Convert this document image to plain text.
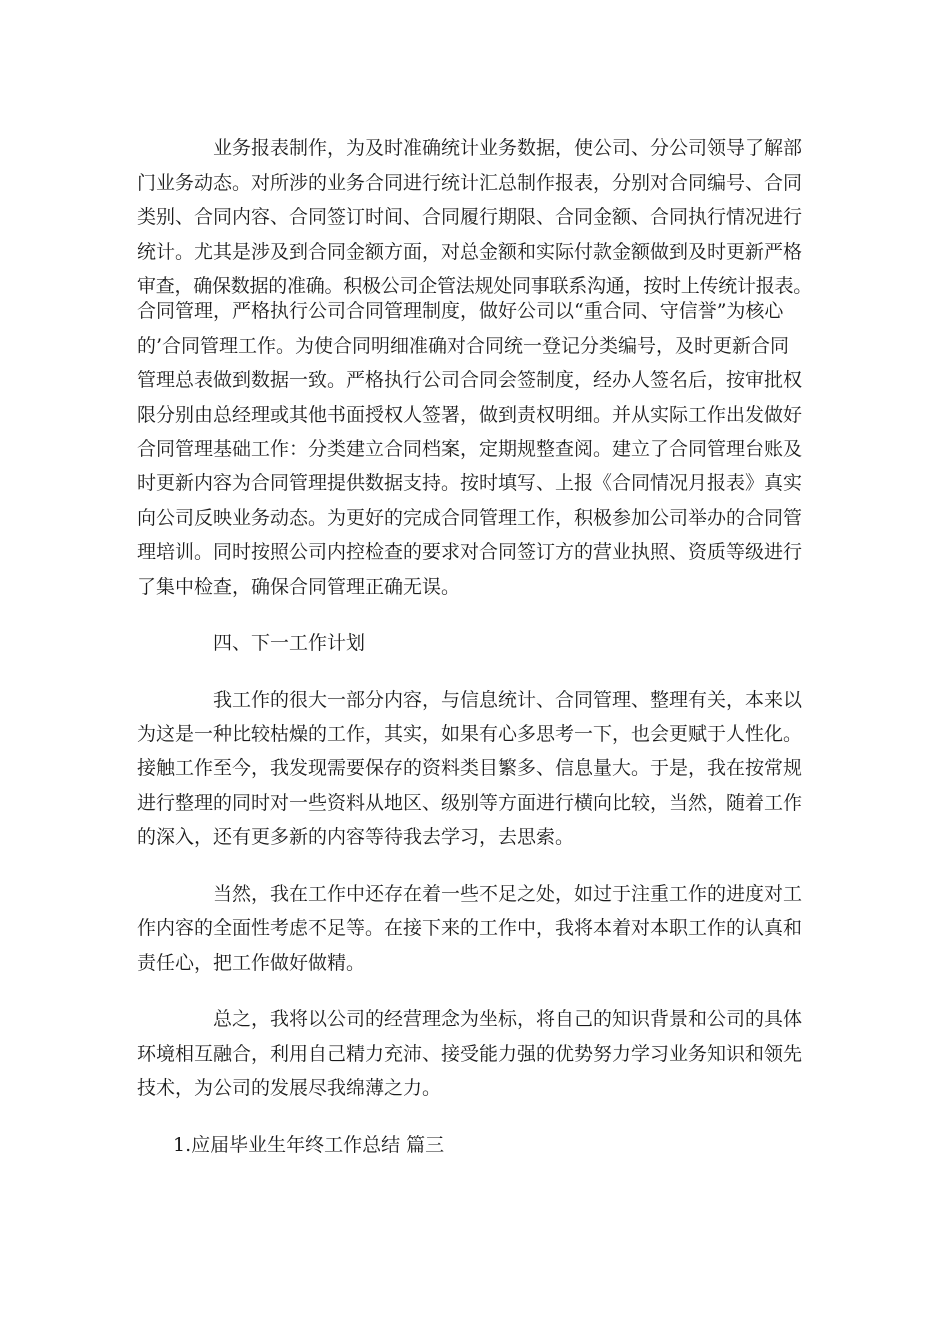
业务报表制作，为及时准确统计业务数据，使公司、分公司领导了解部
门业务动态。对所涉的业务合同进行统计汇总制作报表，分别对合同编号、合同
类别、合同内容、合同签订时间、合同履行期限、合同金额、合同执行情况进行
统计。尤其是涉及到合同金额方面，对总金额和实际付款金额做到及时更新严格
审查，确保数据的准确。积极公司企管法规处同事联系沟通，按时上传统计报表。
合同管理，严格执行公司合同管理制度，做好公司以“重合同、守信誉”为核心
的’合同管理工作。为使合同明细准确对合同统一登记分类编号，及时更新合同
管理总表做到数据一致。严格执行公司合同会签制度，经办人签名后，按审批权
限分别由总经理或其他书面授权人签署，做到责权明细。并从实际工作出发做好
合同管理基础工作：分类建立合同档案，定期规整查阅。建立了合同管理台账及
时更新内容为合同管理提供数据支持。按时填写、上报《合同情况月报表》真实
向公司反映业务动态。为更好的完成合同管理工作，积极参加公司举办的合同管
理培训。同时按照公司内控检查的要求对合同签订方的营业执照、资质等级进行
了集中检查，确保合同管理正确无误。
四、下一工作计划
我工作的很大一部分内容，与信息统计、合同管理、整理有关，本来以
为这是一种比较枯燥的工作，其实，如果有心多思考一下，也会更赋于人性化。
接触工作至今，我发现需要保存的资料类目繁多、信息量大。于是，我在按常规
进行整理的同时对一些资料从地区、级别等方面进行横向比较，当然，随着工作
的深入，还有更多新的内容等待我去学习，去思索。
当然，我在工作中还存在着一些不足之处，如过于注重工作的进度对工
作内容的全面性考虑不足等。在接下来的工作中，我将本着对本职工作的认真和
责任心，把工作做好做精。
总之，我将以公司的经营理念为坐标，将自己的知识背景和公司的具体
环境相互融合，利用自己精力充沛、接受能力强的优势努力学习业务知识和领先
技术，为公司的发展尽我绵薄之力。
1.应届毕业生年终工作总结 篇三
